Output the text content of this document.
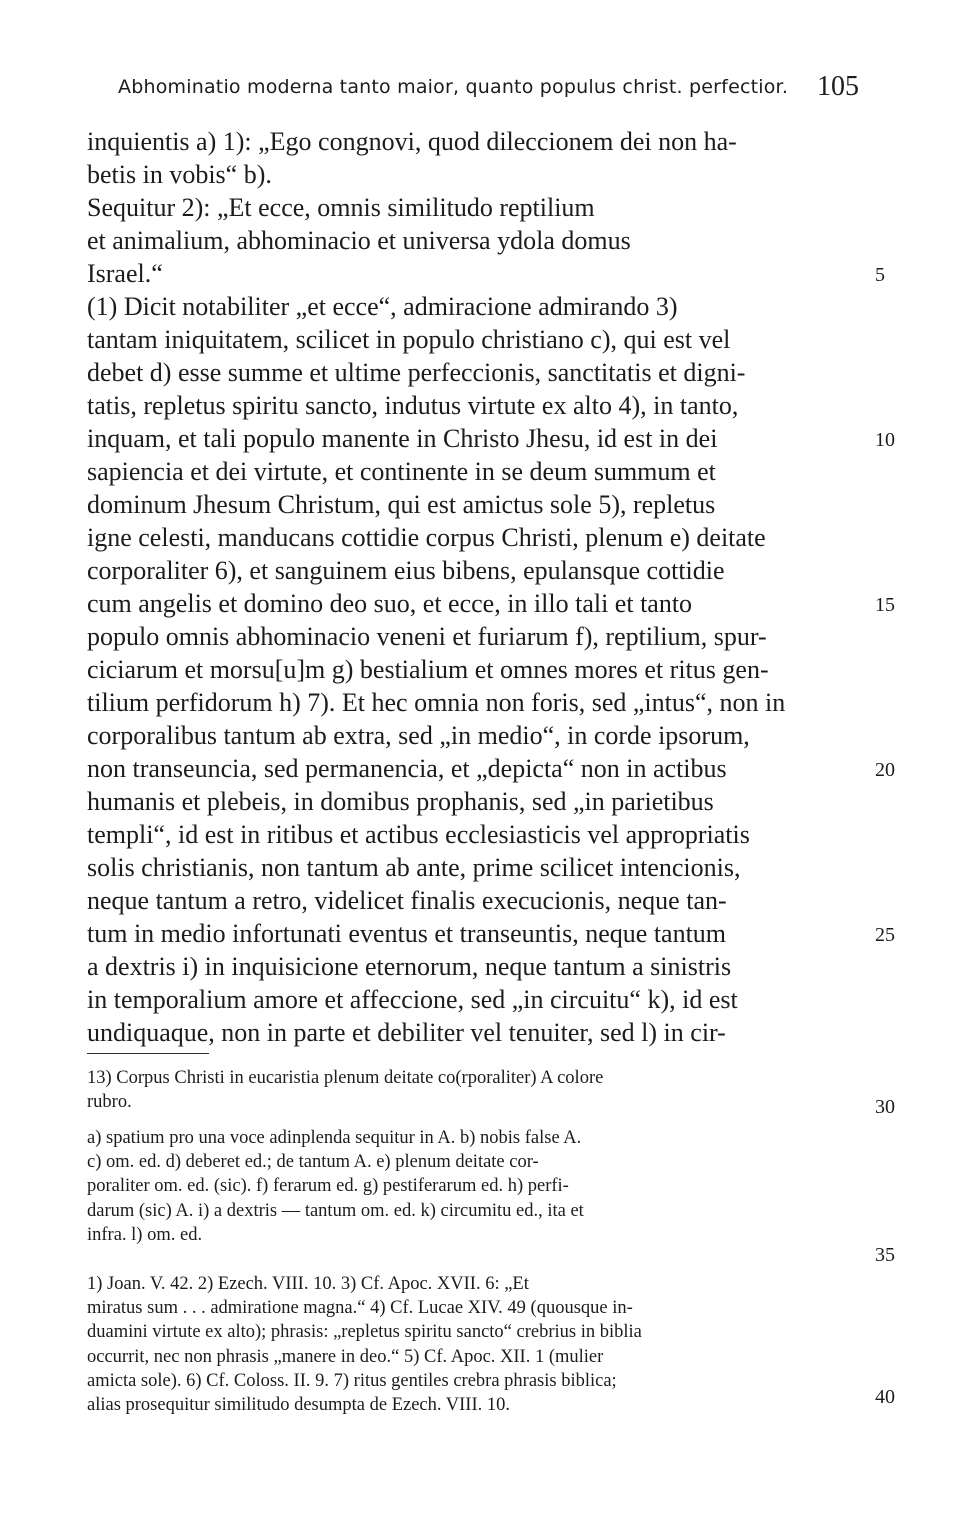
Abhominatio moderna tanto maior, quanto populus christ. perfectior. 105
inquientis a) 1): „Ego congnovi, quod dileccionem dei non ha-
betis in vobis“ b).
Sequitur 2): „Et ecce, omnis similitudo reptilium
et animalium, abhominacio et universa ydola domus
Israel.“
(1) Dicit notabiliter „et ecce“, admiracione admirando 3)
tantam iniquitatem, scilicet in populo christiano c), qui est vel
debet d) esse summe et ultime perfeccionis, sanctitatis et digni-
tatis, repletus spiritu sancto, indutus virtute ex alto 4), in tanto,
inquam, et tali populo manente in Christo Jhesu, id est in dei
sapiencia et dei virtute, et continente in se deum summum et
dominum Jhesum Christum, qui est amictus sole 5), repletus
igne celesti, manducans cottidie corpus Christi, plenum e) deitate
corporaliter 6), et sanguinem eius bibens, epulansque cottidie
cum angelis et domino deo suo, et ecce, in illo tali et tanto
populo omnis abhominacio veneni et furiarum f), reptilium, spur-
ciciarum et morsu[u]m g) bestialium et omnes mores et ritus gen-
tilium perfidorum h) 7). Et hec omnia non foris, sed „intus“, non in
corporalibus tantum ab extra, sed „in medio“, in corde ipsorum,
non transeuncia, sed permanencia, et „depicta“ non in actibus
humanis et plebeis, in domibus prophanis, sed „in parietibus
templi“, id est in ritibus et actibus ecclesiasticis vel appropriatis
solis christianis, non tantum ab ante, prime scilicet intencionis,
neque tantum a retro, videlicet finalis execucionis, neque tan-
tum in medio infortunati eventus et transeuntis, neque tantum
a dextris i) in inquisicione eternorum, neque tantum a sinistris
in temporalium amore et affeccione, sed „in circuitu“ k), id est
undiquaque, non in parte et debiliter vel tenuiter, sed l) in cir-
5
10
15
20
25
13) Corpus Christi in eucaristia plenum deitate co(rporaliter) A colore
rubro.
a) spatium pro una voce adinplenda sequitur in A. b) nobis false A.
c) om. ed. d) deberet ed.; de tantum A. e) plenum deitate cor-
poraliter om. ed. (sic). f) ferarum ed. g) pestiferarum ed. h) perfi-
darum (sic) A. i) a dextris — tantum om. ed. k) circumitu ed., ita et
infra. l) om. ed.
1) Joan. V. 42. 2) Ezech. VIII. 10. 3) Cf. Apoc. XVII. 6: „Et
miratus sum . . . admiratione magna.“ 4) Cf. Lucae XIV. 49 (quousque in-
duamini virtute ex alto); phrasis: „repletus spiritu sancto“ crebrius in biblia
occurrit, nec non phrasis „manere in deo.“ 5) Cf. Apoc. XII. 1 (mulier
amicta sole). 6) Cf. Coloss. II. 9. 7) ritus gentiles crebra phrasis biblica;
alias prosequitur similitudo desumpta de Ezech. VIII. 10.
30
35
40
